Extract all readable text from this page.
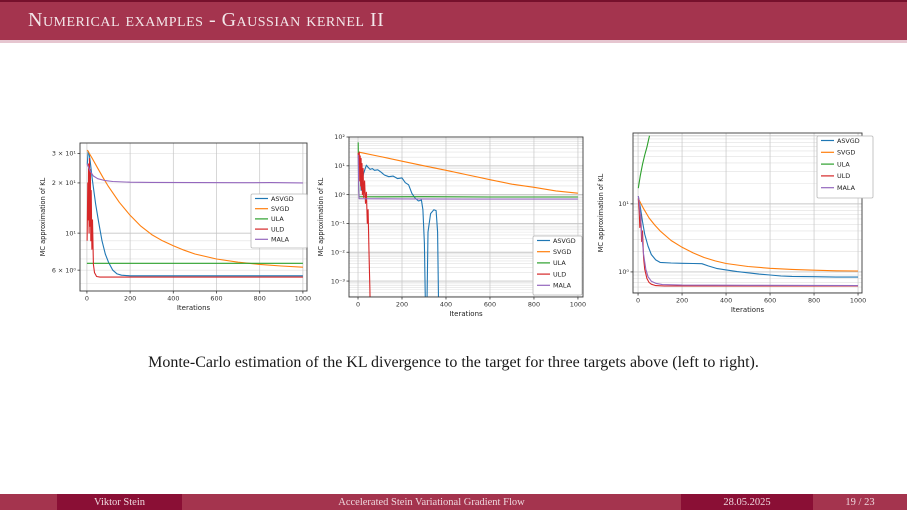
Numerical examples - Gaussian kernel II
0	200	400	600	800	1000
6 × 10⁰
10¹
2 × 10¹
3 × 10¹
Iterations
MC approximation of KL	ASVGD
SVGD
ULA
ULD
MALA
0	200	400	600	800	1000
10²
10¹
10⁰
10⁻¹
10⁻²
10⁻³
Iterations
MC approximation of KL	ASVGD
SVGD
ULA
ULD
MALA
0	200	400	600	800	1000
10¹
10⁰
Iterations
MC approximation of KL
ASVGD
SVGD
ULA
ULD
MALA

Monte-Carlo estimation of the KL divergence to the target for three targets above (left to right).

Viktor Stein	Accelerated Stein Variational Gradient Flow	28.05.2025	19 / 23
